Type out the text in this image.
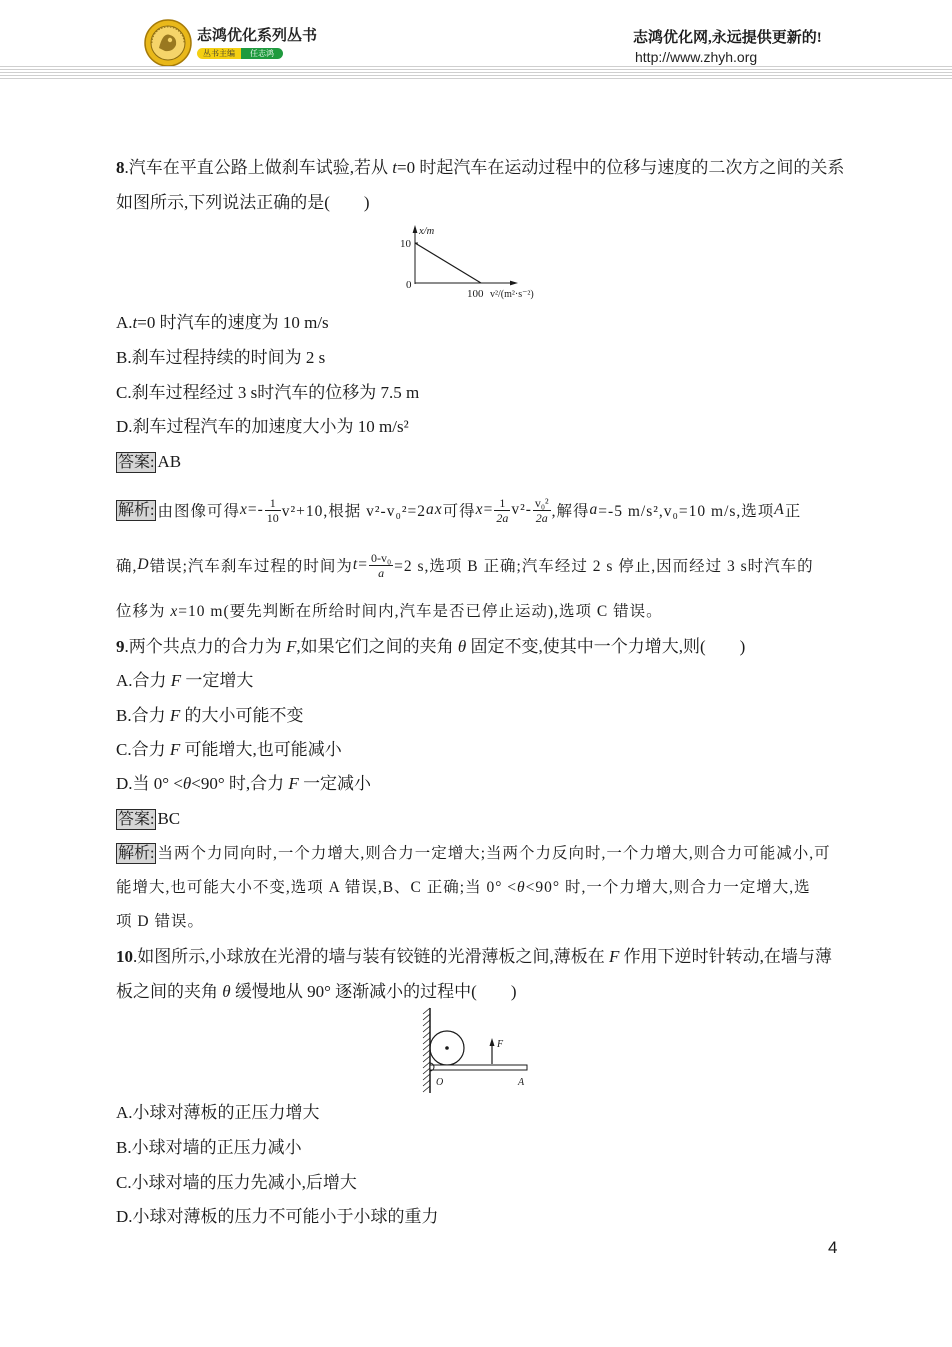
志鸿优化系列丛书
丛书主编	任志鸿
志鸿优化网,永远提供更新的!
http://www.zhyh.org
8.汽车在平直公路上做刹车试验,若从 t=0 时起汽车在运动过程中的位移与速度的二次方之间的关系
如图所示,下列说法正确的是(　　)
x/m
10
0
100 v²/(m²·s⁻²)
A.t=0 时汽车的速度为 10 m/s
B.刹车过程持续的时间为 2 s
C.刹车过程经过 3 s时汽车的位移为 7.5 m
D.刹车过程汽车的加速度大小为 10 m/s²
答案: AB
解析: 由图像可得 $x =- \frac{1}{10} v^2+10$,根据 v²-v₀²=2 ax 可得 $x = \frac{1}{2a} v^2- \frac{\text{v₀²}}{2a}$ ,解得 a =-5 m/s²,v₀=10 m/s,选项 A 正
确, D 错误;汽车刹车过程的时间为 $t = \frac{\text{0-v₀}}{a} =2$ s,选项 B 正确;汽车经过 2 s 停止,因而经过 3 s时汽车的
位移为 x=10 m(要先判断在所给时间内,汽车是否已停止运动),选项 C 错误。
9.两个共点力的合力为 F,如果它们之间的夹角 θ 固定不变,使其中一个力增大,则(　　)
A.合力 F 一定增大
B.合力 F 的大小可能不变
C.合力 F 可能增大,也可能减小
D.当 0° <θ<90° 时,合力 F 一定减小
答案: BC
解析: 当两个力同向时,一个力增大,则合力一定增大;当两个力反向时,一个力增大,则合力可能减小,可
能增大,也可能大小不变,选项 A 错误,B、C 正确;当 0° <θ<90° 时,一个力增大,则合力一定增大,选
项 D 错误。
10.如图所示,小球放在光滑的墙与装有铰链的光滑薄板之间,薄板在 F 作用下逆时针转动,在墙与薄
板之间的夹角 θ 缓慢地从 90° 逐渐减小的过程中(　　)
F
O	A
A.小球对薄板的正压力增大
B.小球对墙的正压力减小
C.小球对墙的压力先减小,后增大
D.小球对薄板的压力不可能小于小球的重力
4
